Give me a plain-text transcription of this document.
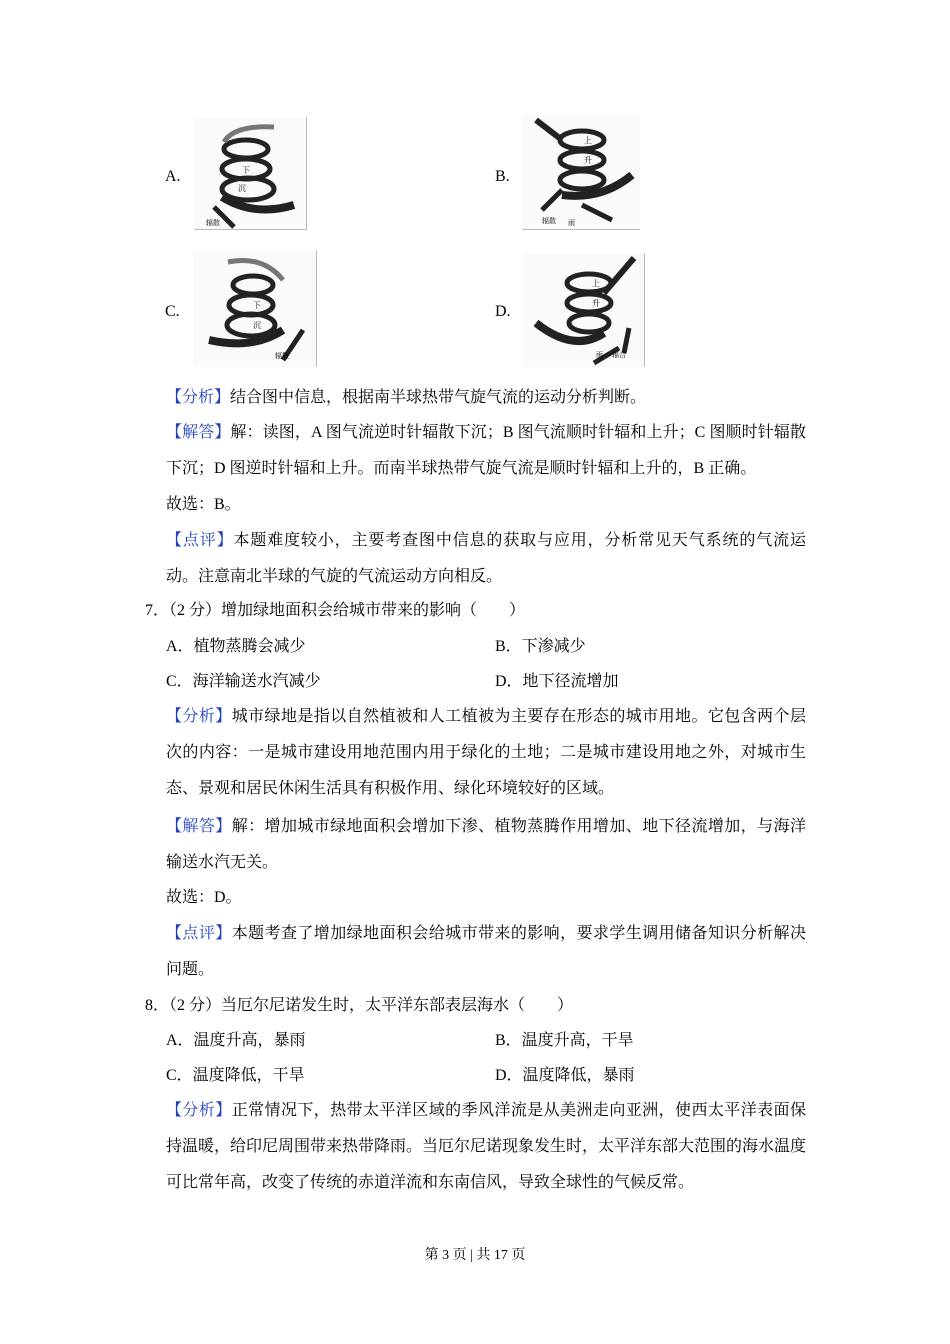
A.	下
沉
辐散
B.
上
升
辐散 雨
C.	下
沉
辐散
D.
上
升
雨 辐合
【分析】结合图中信息，根据南半球热带气旋气流的运动分析判断。
【解答】解：读图，A 图气流逆时针辐散下沉；B 图气流顺时针辐和上升；C 图顺时针辐散下沉；D 图逆时针辐和上升。而南半球热带气旋气流是顺时针辐和上升的，B 正确。
故选：B。
【点评】本题难度较小，主要考查图中信息的获取与应用，分析常见天气系统的气流运动。注意南北半球的气旋的气流运动方向相反。
7．（2 分）增加绿地面积会给城市带来的影响（　　）
A．植物蒸腾会减少	B．下渗减少
C．海洋输送水汽减少	D．地下径流增加
【分析】城市绿地是指以自然植被和人工植被为主要存在形态的城市用地。它包含两个层次的内容：一是城市建设用地范围内用于绿化的土地；二是城市建设用地之外，对城市生态、景观和居民休闲生活具有积极作用、绿化环境较好的区域。
【解答】解：增加城市绿地面积会增加下渗、植物蒸腾作用增加、地下径流增加，与海洋输送水汽无关。
故选：D。
【点评】本题考查了增加绿地面积会给城市带来的影响，要求学生调用储备知识分析解决问题。
8．（2 分）当厄尔尼诺发生时，太平洋东部表层海水（　　）
A．温度升高，暴雨	B．温度升高，干旱
C．温度降低，干旱	D．温度降低，暴雨
【分析】正常情况下，热带太平洋区域的季风洋流是从美洲走向亚洲，使西太平洋表面保持温暖，给印尼周围带来热带降雨。当厄尔尼诺现象发生时，太平洋东部大范围的海水温度可比常年高，改变了传统的赤道洋流和东南信风，导致全球性的气候反常。
第 3 页 | 共 17 页
